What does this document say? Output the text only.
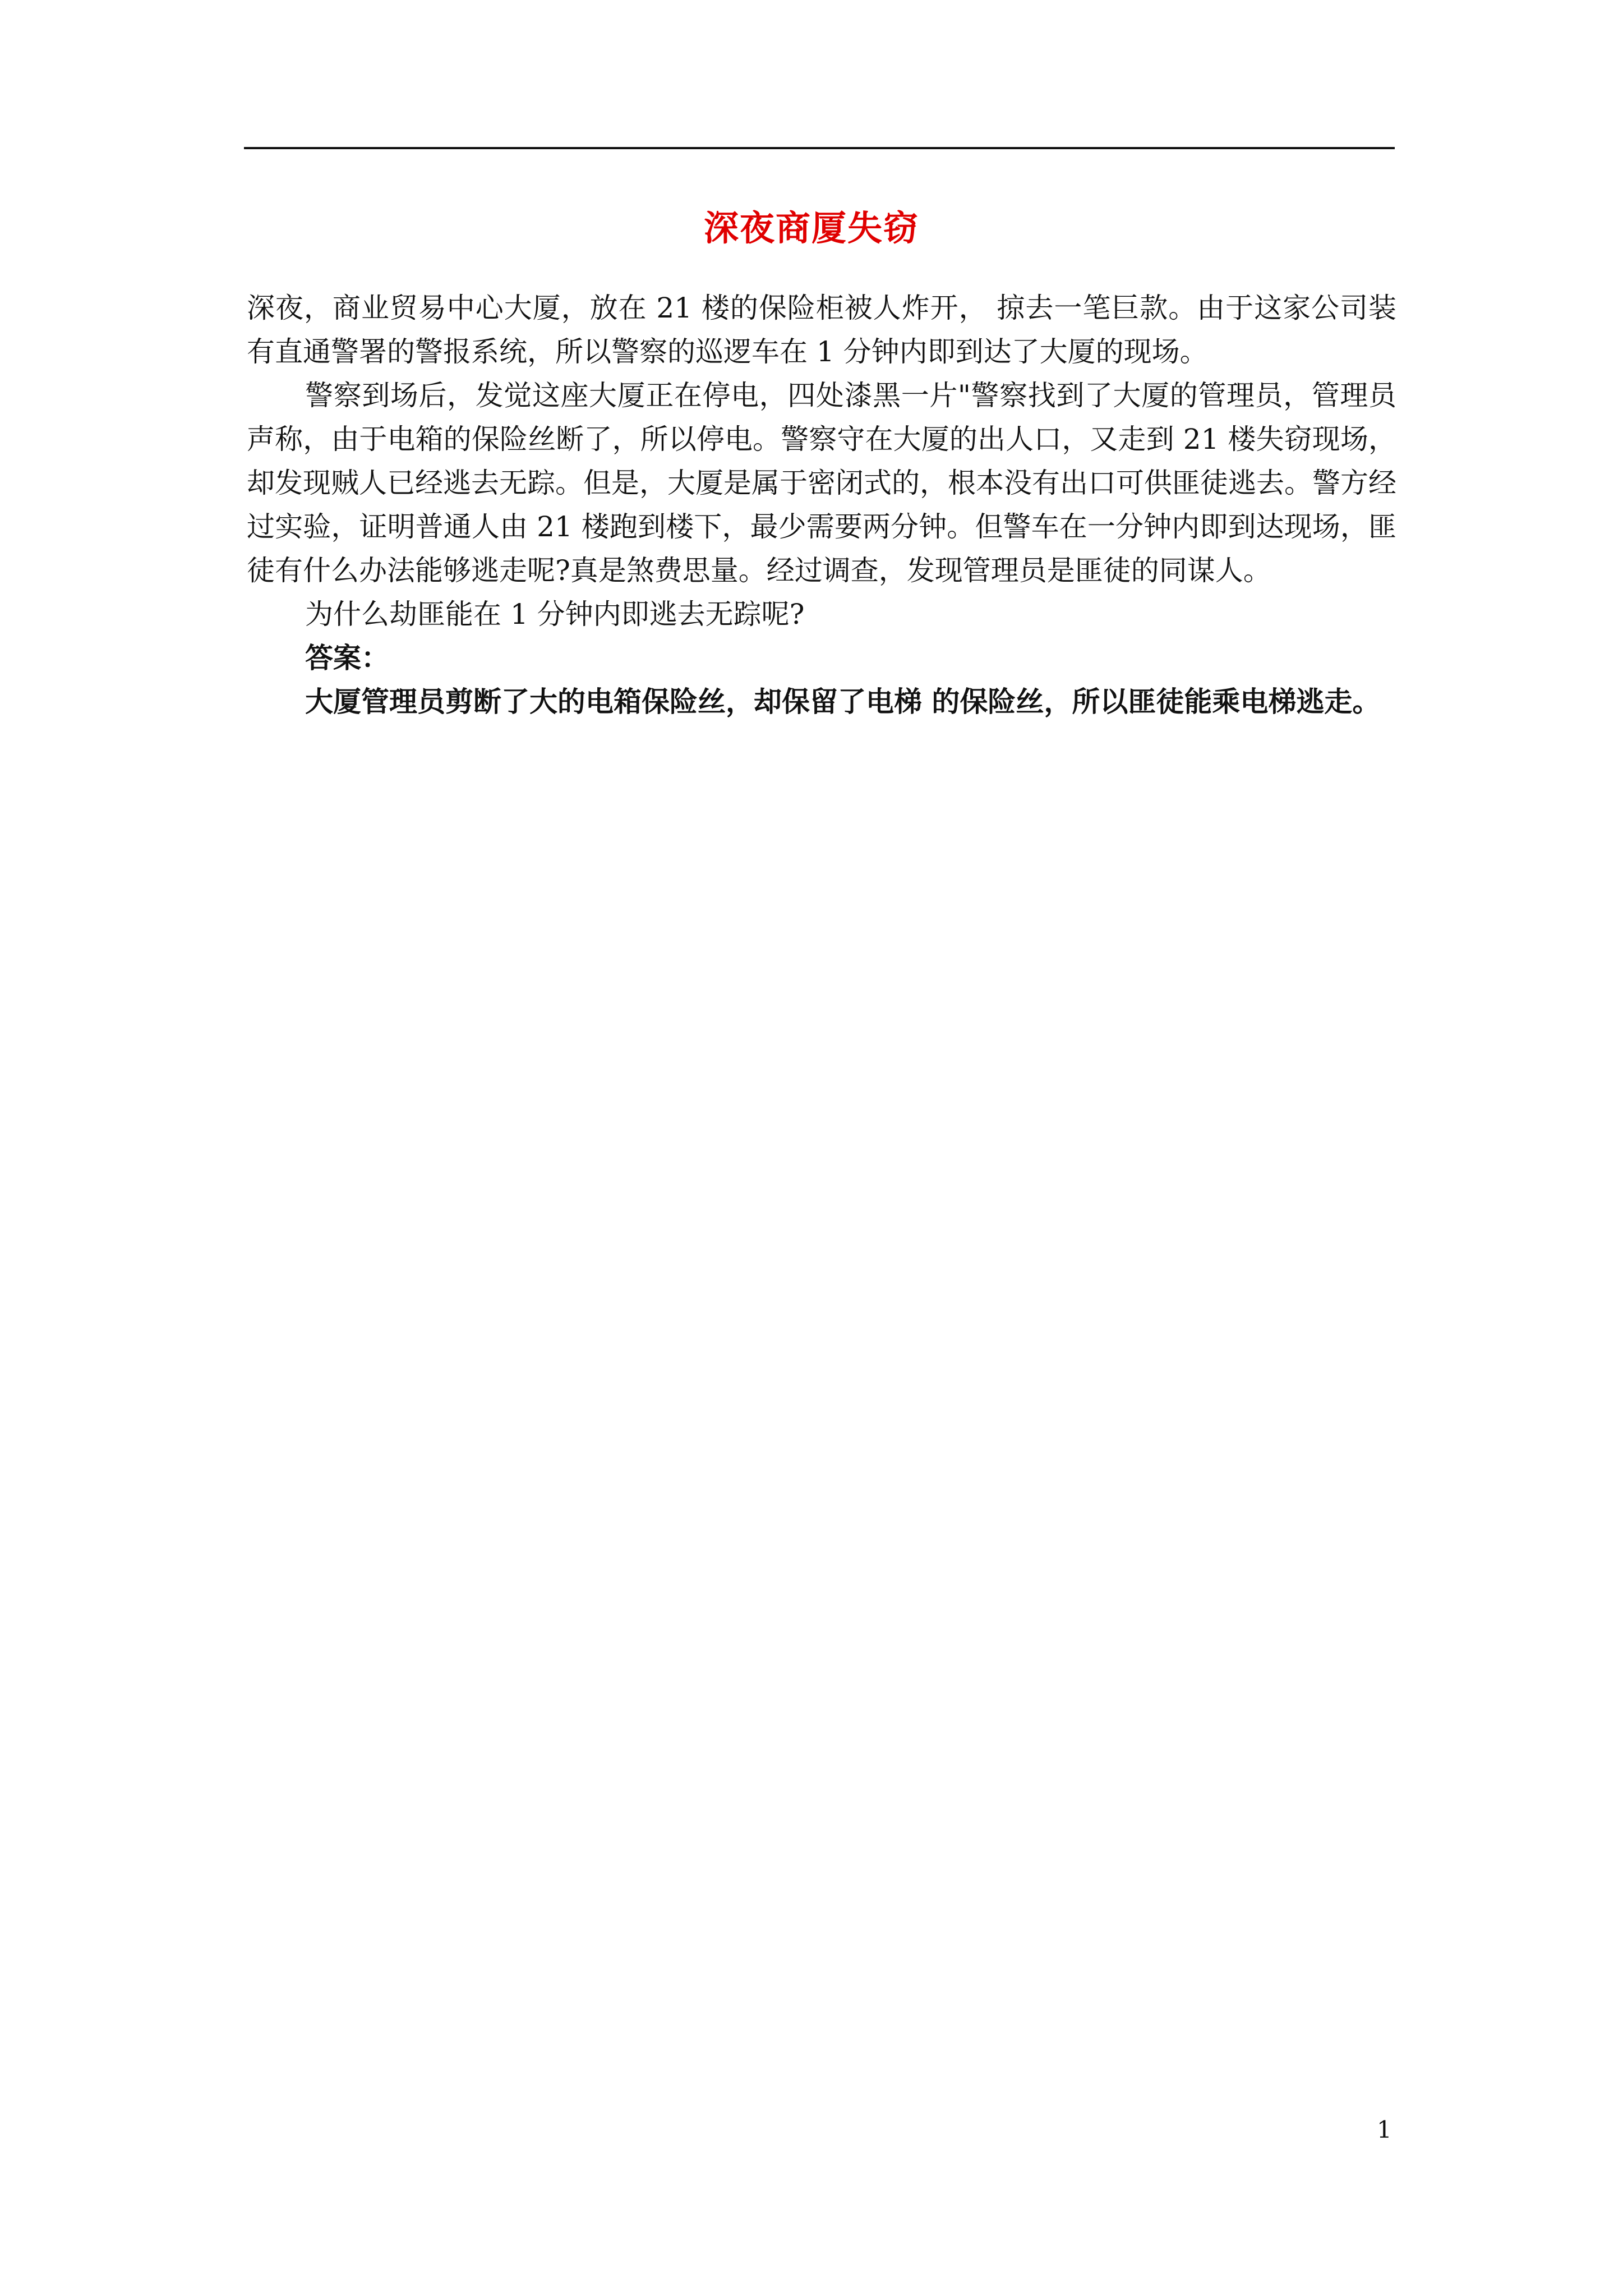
深夜商厦失窃

深夜，商业贸易中心大厦，放在 21 楼的保险柜被人炸开， 掠去一笔巨款。由于这家公司装有直通警署的警报系统，所以警察的巡逻车在 1 分钟内即到达了大厦的现场。

警察到场后，发觉这座大厦正在停电，四处漆黑一片"警察找到了大厦的管理员，管理员声称，由于电箱的保险丝断了，所以停电。警察守在大厦的出人口，又走到 21 楼失窃现场，却发现贼人已经逃去无踪。但是，大厦是属于密闭式的，根本没有出口可供匪徒逃去。警方经过实验，证明普通人由 21 楼跑到楼下，最少需要两分钟。但警车在一分钟内即到达现场，匪徒有什么办法能够逃走呢?真是煞费思量。经过调查，发现管理员是匪徒的同谋人。

为什么劫匪能在 1 分钟内即逃去无踪呢?

答案：

大厦管理员剪断了大的电箱保险丝，却保留了电梯 的保险丝，所以匪徒能乘电梯逃走。

1
